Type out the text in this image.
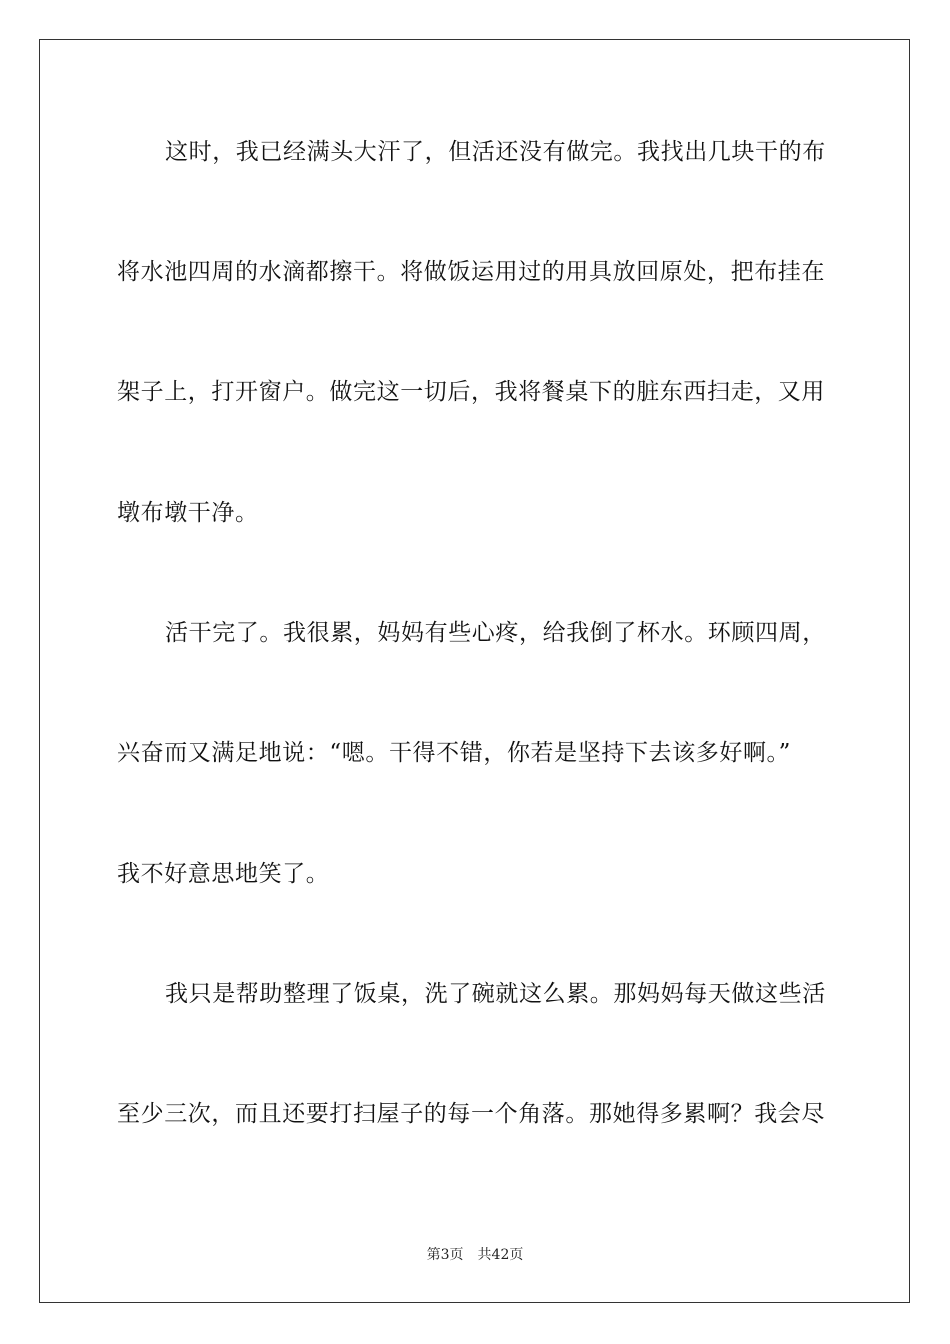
这时，我已经满头大汗了，但活还没有做完。我找出几块干的布
将水池四周的水滴都擦干。将做饭运用过的用具放回原处，把布挂在
架子上，打开窗户。做完这一切后，我将餐桌下的脏东西扫走，又用
墩布墩干净。
活干完了。我很累，妈妈有些心疼，给我倒了杯水。环顾四周，
兴奋而又满足地说：“嗯。干得不错，你若是坚持下去该多好啊。”
我不好意思地笑了。
我只是帮助整理了饭桌，洗了碗就这么累。那妈妈每天做这些活
至少三次，而且还要打扫屋子的每一个角落。那她得多累啊？我会尽
第3页 共42页
